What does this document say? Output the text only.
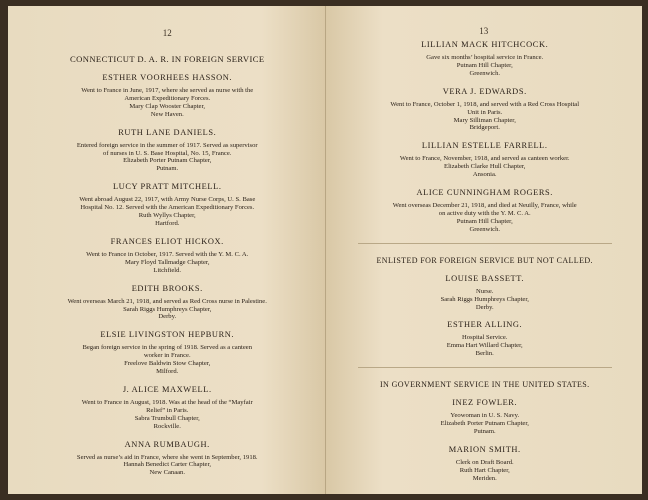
12
CONNECTICUT D. A. R. IN FOREIGN SERVICE
ESTHER VOORHEES HASSON.
Went to France in June, 1917, where she served as nurse with the
American Expeditionary Forces.
Mary Clap Wooster Chapter,
New Haven.
RUTH LANE DANIELS.
Entered foreign service in the summer of 1917. Served as supervisor
of nurses in U. S. Base Hospital, No. 15, France.
Elizabeth Porter Putnam Chapter,
Putnam.
LUCY PRATT MITCHELL.
Went abroad August 22, 1917, with Army Nurse Corps, U. S. Base
Hospital No. 12. Served with the American Expeditionary Forces.
Ruth Wyllys Chapter,
Hartford.
FRANCES ELIOT HICKOX.
Went to France in October, 1917. Served with the Y. M. C. A.
Mary Floyd Tallmadge Chapter,
Litchfield.
EDITH BROOKS.
Went overseas March 21, 1918, and served as Red Cross nurse in Palestine.
Sarah Riggs Humphreys Chapter,
Derby.
ELSIE LIVINGSTON HEPBURN.
Began foreign service in the spring of 1918. Served as a canteen
worker in France.
Freelove Baldwin Stow Chapter,
Milford.
J. ALICE MAXWELL.
Went to France in August, 1918. Was at the head of the “Mayfair
Relief” in Paris.
Sabra Trumbull Chapter,
Rockville.
ANNA RUMBAUGH.
Served as nurse’s aid in France, where she went in September, 1918.
Hannah Benedict Carter Chapter,
New Canaan.
13
LILLIAN MACK HITCHCOCK.
Gave six months’ hospital service in France.
Putnam Hill Chapter,
Greenwich.
VERA J. EDWARDS.
Went to France, October 1, 1918, and served with a Red Cross Hospital
Unit in Paris.
Mary Silliman Chapter,
Bridgeport.
LILLIAN ESTELLE FARRELL.
Went to France, November, 1918, and served as canteen worker.
Elizabeth Clarke Hull Chapter,
Ansonia.
ALICE CUNNINGHAM ROGERS.
Went overseas December 21, 1918, and died at Neuilly, France, while
on active duty with the Y. M. C. A.
Putnam Hill Chapter,
Greenwich.
ENLISTED FOR FOREIGN SERVICE BUT NOT CALLED.
LOUISE BASSETT.
Nurse.
Sarah Riggs Humphreys Chapter,
Derby.
ESTHER ALLING.
Hospital Service.
Emma Hart Willard Chapter,
Berlin.
IN GOVERNMENT SERVICE IN THE UNITED STATES.
INEZ FOWLER.
Yeowoman in U. S. Navy.
Elizabeth Porter Putnam Chapter,
Putnam.
MARION SMITH.
Clerk on Draft Board.
Ruth Hart Chapter,
Meriden.
